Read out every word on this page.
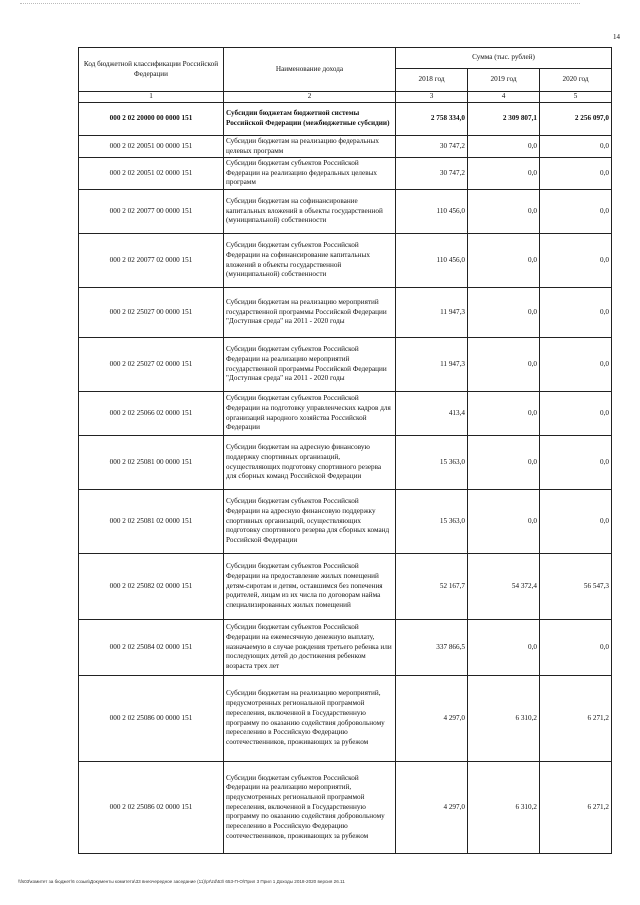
14
Код бюджетной классификации Российской Федерации	Наименование дохода	Сумма (тыс. рублей)		
		2018 год	2019 год	2020 год
1	2	3	4	5
000 2 02 20000 00 0000 151	Субсидии бюджетам бюджетной системы Российской Федерации (межбюджетные субсидии)	2 758 334,0	2 309 807,1	2 256 097,0
000 2 02 20051 00 0000 151	Субсидии бюджетам на реализацию федеральных целевых программ	30 747,2	0,0	0,0
000 2 02 20051 02 0000 151	Субсидии бюджетам субъектов Российской Федерации на реализацию федеральных целевых программ	30 747,2	0,0	0,0
000 2 02 20077 00 0000 151	Субсидии бюджетам на софинансирование капитальных вложений в объекты государственной (муниципальной) собственности	110 456,0	0,0	0,0
000 2 02 20077 02 0000 151	Субсидии бюджетам субъектов Российской Федерации на софинансирование капитальных вложений в объекты государственной (муниципальной) собственности	110 456,0	0,0	0,0
000 2 02 25027 00 0000 151	Субсидии бюджетам на реализацию мероприятий государственной программы Российской Федерации "Доступная среда" на 2011 - 2020 годы	11 947,3	0,0	0,0
000 2 02 25027 02 0000 151	Субсидии бюджетам субъектов Российской Федерации на реализацию мероприятий государственной программы Российской Федерации "Доступная среда" на 2011 - 2020 годы	11 947,3	0,0	0,0
000 2 02 25066 02 0000 151	Субсидии бюджетам субъектов Российской Федерации на подготовку управленческих кадров для организаций народного хозяйства Российской Федерации	413,4	0,0	0,0
000 2 02 25081 00 0000 151	Субсидии бюджетам на адресную финансовую поддержку спортивных организаций, осуществляющих подготовку спортивного резерва для сборных команд Российской Федерации	15 363,0	0,0	0,0
000 2 02 25081 02 0000 151	Субсидии бюджетам субъектов Российской Федерации на адресную финансовую поддержку спортивных организаций, осуществляющих подготовку спортивного резерва для сборных команд Российской Федерации	15 363,0	0,0	0,0
000 2 02 25082 02 0000 151	Субсидии бюджетам субъектов Российской Федерации на предоставление жилых помещений детям-сиротам и детям, оставшимся без попечения родителей, лицам из их числа по договорам найма специализированных жилых помещений	52 167,7	54 372,4	56 547,3
000 2 02 25084 02 0000 151	Субсидии бюджетам субъектов Российской Федерации на ежемесячную денежную выплату, назначаемую в случае рождения третьего ребенка или последующих детей до достижения ребенком возраста трех лет	337 866,5	0,0	0,0
000 2 02 25086 00 0000 151	Субсидии бюджетам на реализацию мероприятий, предусмотренных региональной программой переселения, включенной в Государственную программу по оказанию содействия добровольному переселению в Российскую Федерацию соотечественников, проживающих за рубежом	4 297,0	6 310,2	6 271,2
000 2 02 25086 02 0000 151	Субсидии бюджетам субъектов Российской Федерации на реализацию мероприятий, предусмотренных региональной программой переселения, включенной в Государственную программу по оказанию содействия добровольному переселению в Российскую Федерацию соотечественников, проживающих за рубежом	4 297,0	6 310,2	6 271,2
\\fs03\комитет за бюджет\6 созыв\Документы комитета\33 внеочередное заседание (11)\pr\zd\53\ 653-П-О\Прил 3 Прил 1 Доходы 2018-2020 версия 26.11
